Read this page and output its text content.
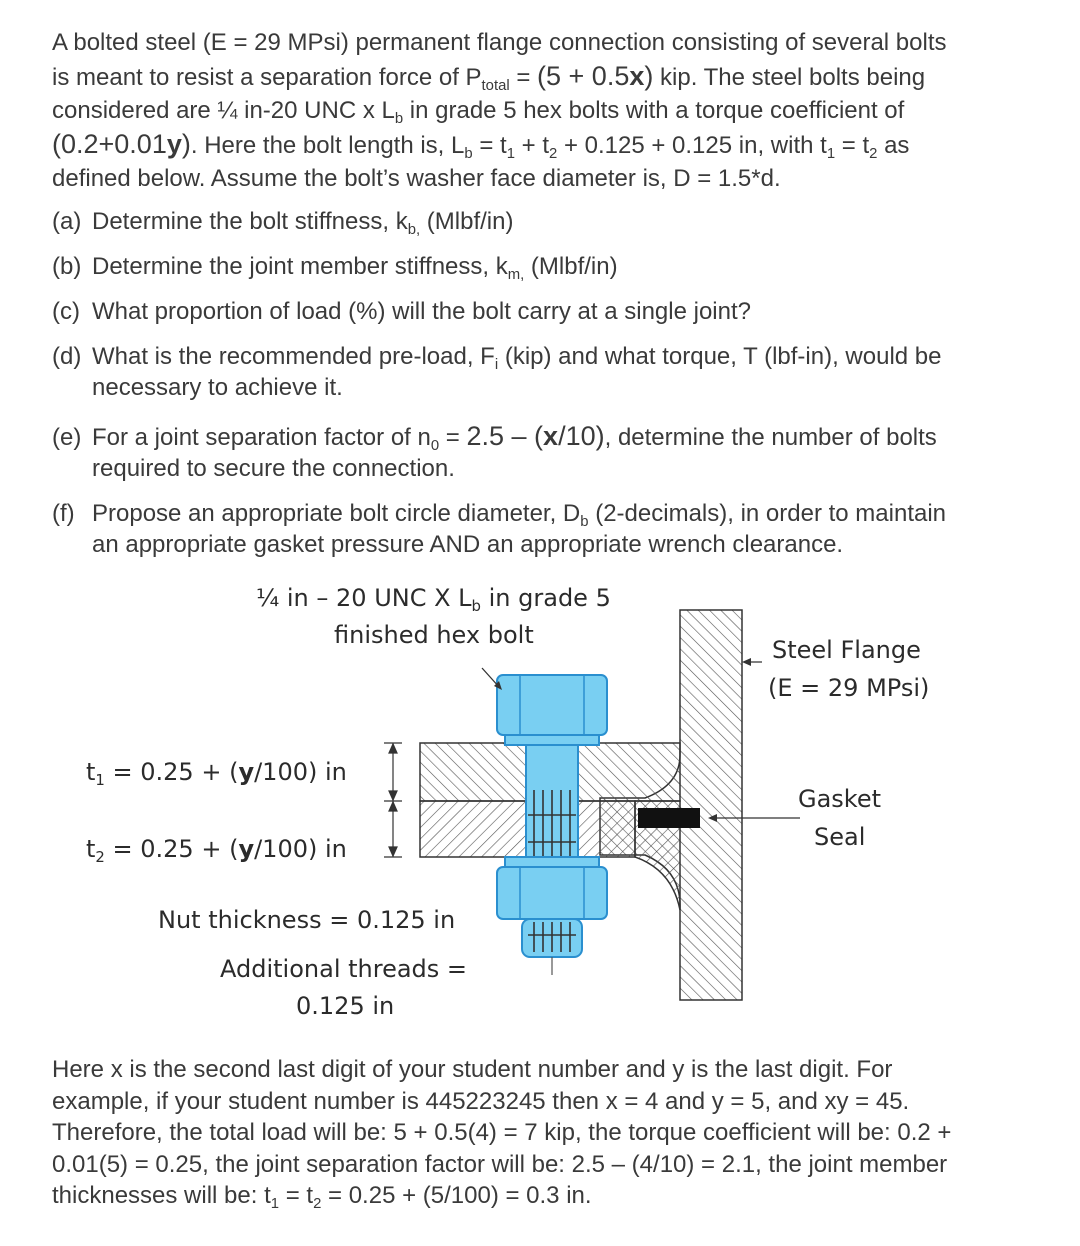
A bolted steel (E = 29 MPsi) permanent flange connection consisting of several bolts
is meant to resist a separation force of $P_{total} = (5 + 0.5x)$ kip. The steel bolts being
considered are ¼ in-20 UNC x $L_b$ in grade 5 hex bolts with a torque coefficient of
(0.2+0.01y). Here the bolt length is, $L_b = t_1 + t_2 + 0.125 + 0.125$ in, with $t_1 = t_2$ as
defined below. Assume the bolt’s washer face diameter is, D = 1.5*d.
(a) Determine the bolt stiffness, $k_{b,}$ (Mlbf/in)
(b) Determine the joint member stiffness, $k_{m,}$ (Mlbf/in)
(c) What proportion of load (%) will the bolt carry at a single joint?
(d) What is the recommended pre-load, $F_i$ (kip) and what torque, T (lbf-in), would be
necessary to achieve it.
(e) For a joint separation factor of $n_0 = 2.5 - (x/10)$, determine the number of bolts
required to secure the connection.
(f) Propose an appropriate bolt circle diameter, $D_b$ (2-decimals), in order to maintain
an appropriate gasket pressure AND an appropriate wrench clearance.
¼ in – 20 UNC X $L_b$ in grade 5
finished hex bolt
Steel Flange
(E = 29 MPsi)
$t_1 = 0.25 + (y/100)$ in
$t_2 = 0.25 + (y/100)$ in
Gasket
Seal
Nut thickness = 0.125 in
Additional threads =
0.125 in
Here x is the second last digit of your student number and y is the last digit. For
example, if your student number is 445223245 then x = 4 and y = 5, and xy = 45.
Therefore, the total load will be: 5 + 0.5(4) = 7 kip, the torque coefficient will be: 0.2 +
0.01(5) = 0.25, the joint separation factor will be: 2.5 – (4/10) = 2.1, the joint member
thicknesses will be: $t_1 = t_2 = 0.25 + (5/100) = 0.3$ in.
